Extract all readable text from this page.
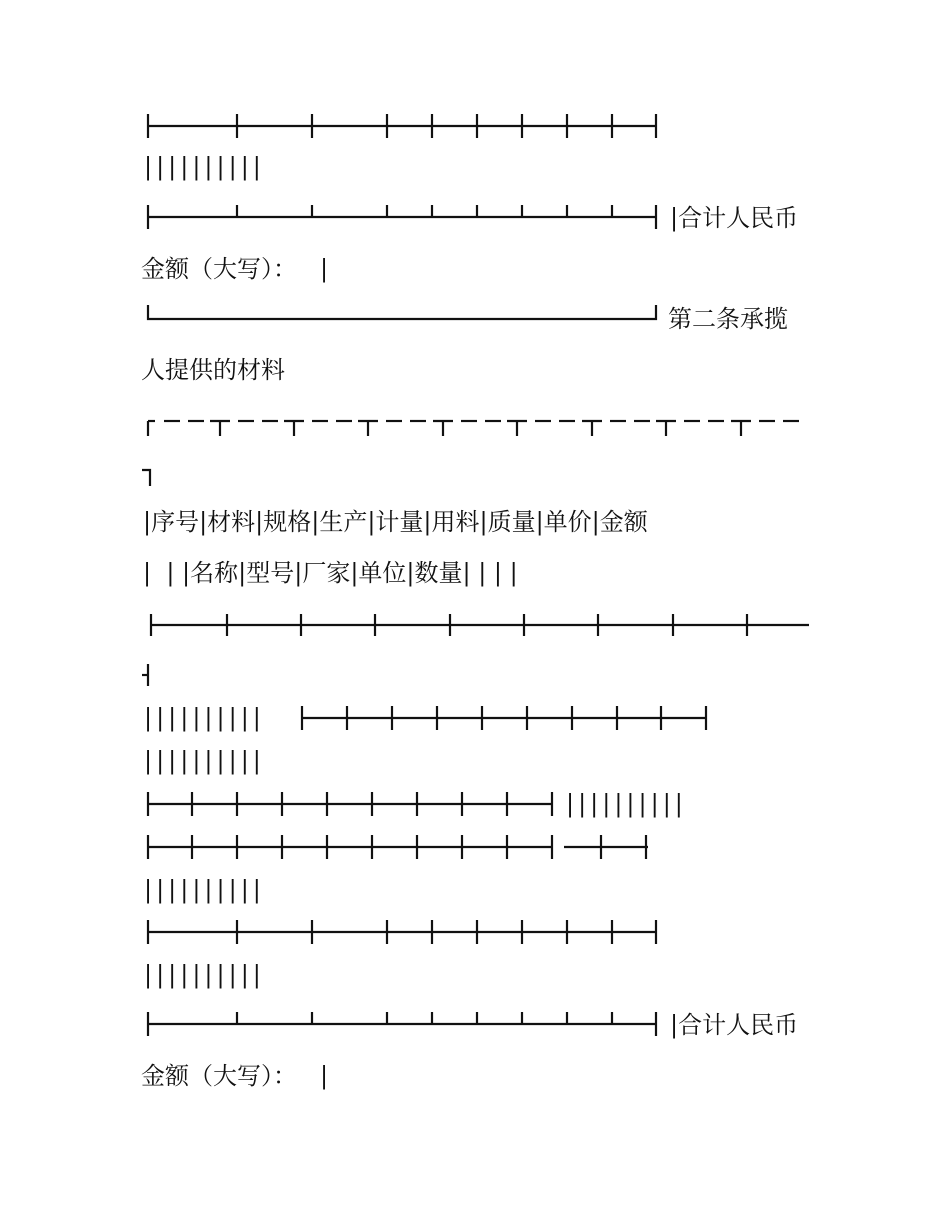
||||||||||
|合计人民币
金额（大写）： |
第二条承揽
人提供的材料
|序号|材料|规格|生产|计量|用料|质量|单价|金额
|  | |名称|型号|厂家|单位|数量| | | |
||||||||||
||||||||||
||||||||||
||||||||||
||||||||||
|合计人民币
金额（大写）： |
